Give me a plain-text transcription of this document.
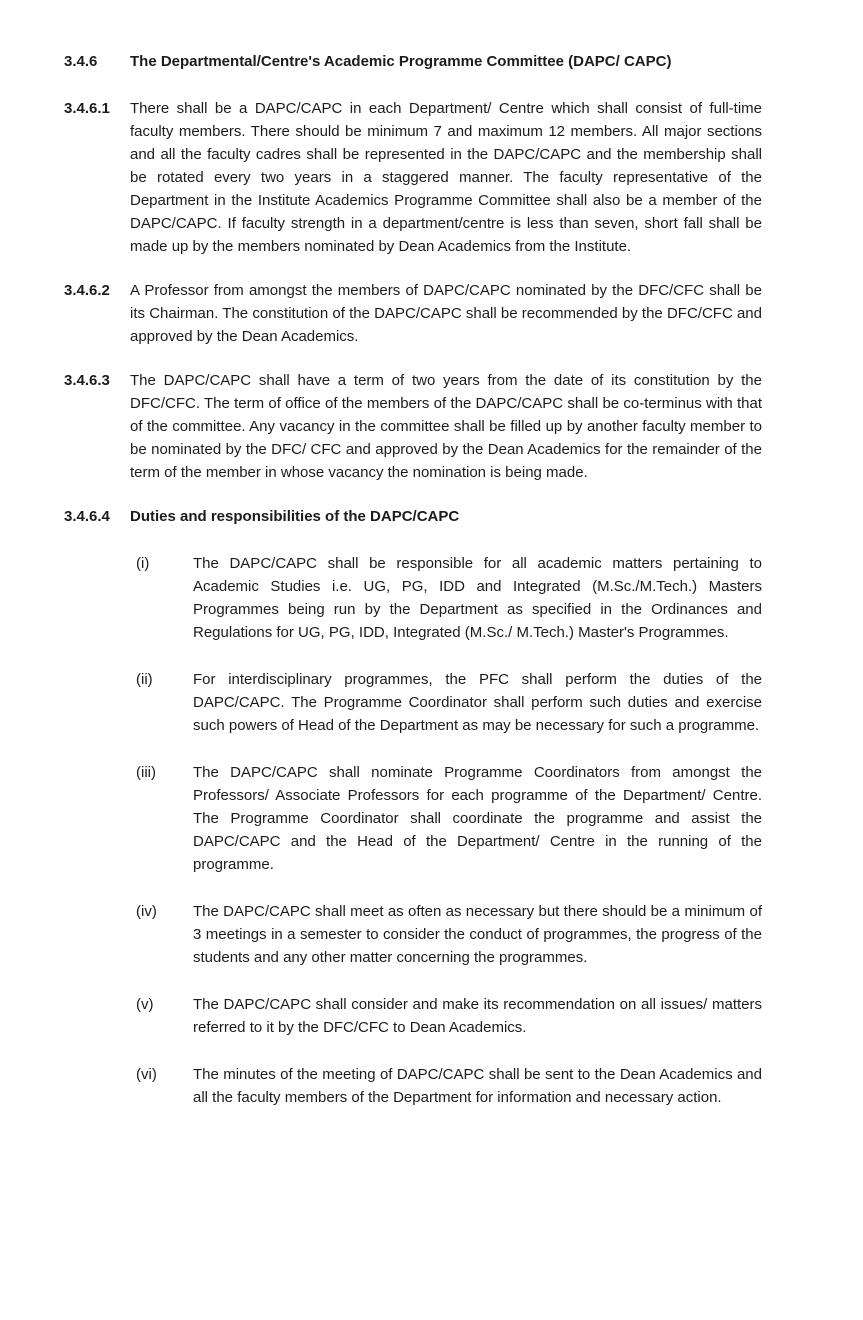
3.4.6	The Departmental/Centre's Academic Programme Committee (DAPC/ CAPC)
3.4.6.1	There shall be a DAPC/CAPC in each Department/ Centre which shall consist of full-time faculty members. There should be minimum 7 and maximum 12 members. All major sections and all the faculty cadres shall be represented in the DAPC/CAPC and the membership shall be rotated every two years in a staggered manner. The faculty representative of the Department in the Institute Academics Programme Committee shall also be a member of the DAPC/CAPC. If faculty strength in a department/centre is less than seven, short fall shall be made up by the members nominated by Dean Academics from the Institute.
3.4.6.2	A Professor from amongst the members of DAPC/CAPC nominated by the DFC/CFC shall be its Chairman. The constitution of the DAPC/CAPC shall be recommended by the DFC/CFC and approved by the Dean Academics.
3.4.6.3	The DAPC/CAPC shall have a term of two years from the date of its constitution by the DFC/CFC. The term of office of the members of the DAPC/CAPC shall be co-terminus with that of the committee. Any vacancy in the committee shall be filled up by another faculty member to be nominated by the DFC/ CFC and approved by the Dean Academics for the remainder of the term of the member in whose vacancy the nomination is being made.
3.4.6.4	Duties and responsibilities of the DAPC/CAPC
(i)	The DAPC/CAPC shall be responsible for all academic matters pertaining to Academic Studies i.e. UG, PG, IDD and Integrated (M.Sc./M.Tech.) Masters Programmes being run by the Department as specified in the Ordinances and Regulations for UG, PG, IDD, Integrated (M.Sc./ M.Tech.) Master's Programmes.
(ii)	For interdisciplinary programmes, the PFC shall perform the duties of the DAPC/CAPC. The Programme Coordinator shall perform such duties and exercise such powers of Head of the Department as may be necessary for such a programme.
(iii)	The DAPC/CAPC shall nominate Programme Coordinators from amongst the Professors/ Associate Professors for each programme of the Department/ Centre. The Programme Coordinator shall coordinate the programme and assist the DAPC/CAPC and the Head of the Department/ Centre in the running of the programme.
(iv)	The DAPC/CAPC shall meet as often as necessary but there should be a minimum of 3 meetings in a semester to consider the conduct of programmes, the progress of the students and any other matter concerning the programmes.
(v)	The DAPC/CAPC shall consider and make its recommendation on all issues/ matters referred to it by the DFC/CFC to Dean Academics.
(vi)	The minutes of the meeting of DAPC/CAPC shall be sent to the Dean Academics and all the faculty members of the Department for information and necessary action.
